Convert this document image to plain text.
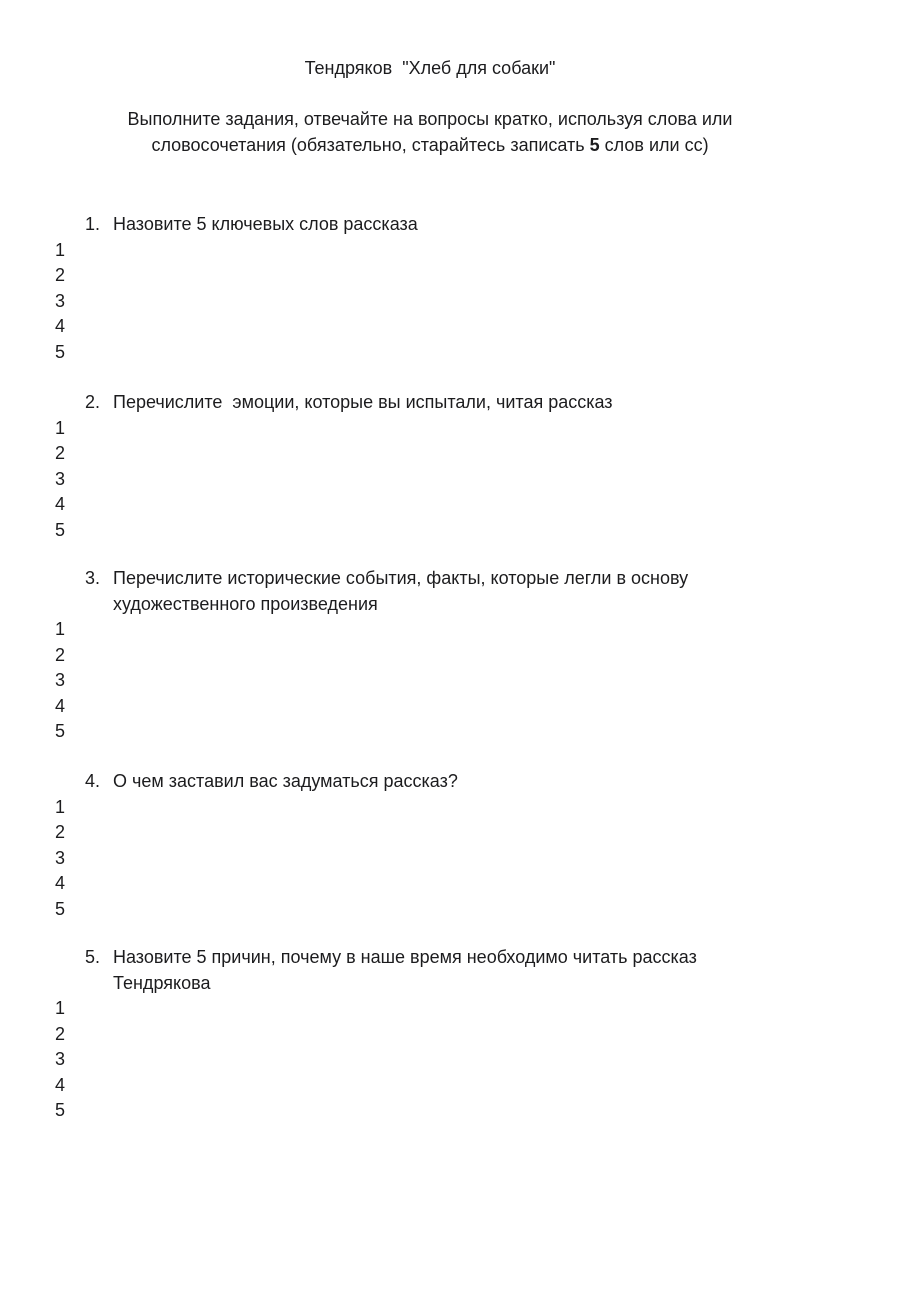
Тендряков  "Хлеб для собаки"
Выполните задания, отвечайте на вопросы кратко, используя слова или
словосочетания (обязательно, старайтесь записать 5 слов или сс)
1. Назовите 5 ключевых слов рассказа
1
2
3
4
5
2. Перечислите  эмоции, которые вы испытали, читая рассказ
1
2
3
4
5
3. Перечислите исторические события, факты, которые легли в основу
художественного произведения
1
2
3
4
5
4. О чем заставил вас задуматься рассказ?
1
2
3
4
5
5. Назовите 5 причин, почему в наше время необходимо читать рассказ
Тендрякова
1
2
3
4
5
